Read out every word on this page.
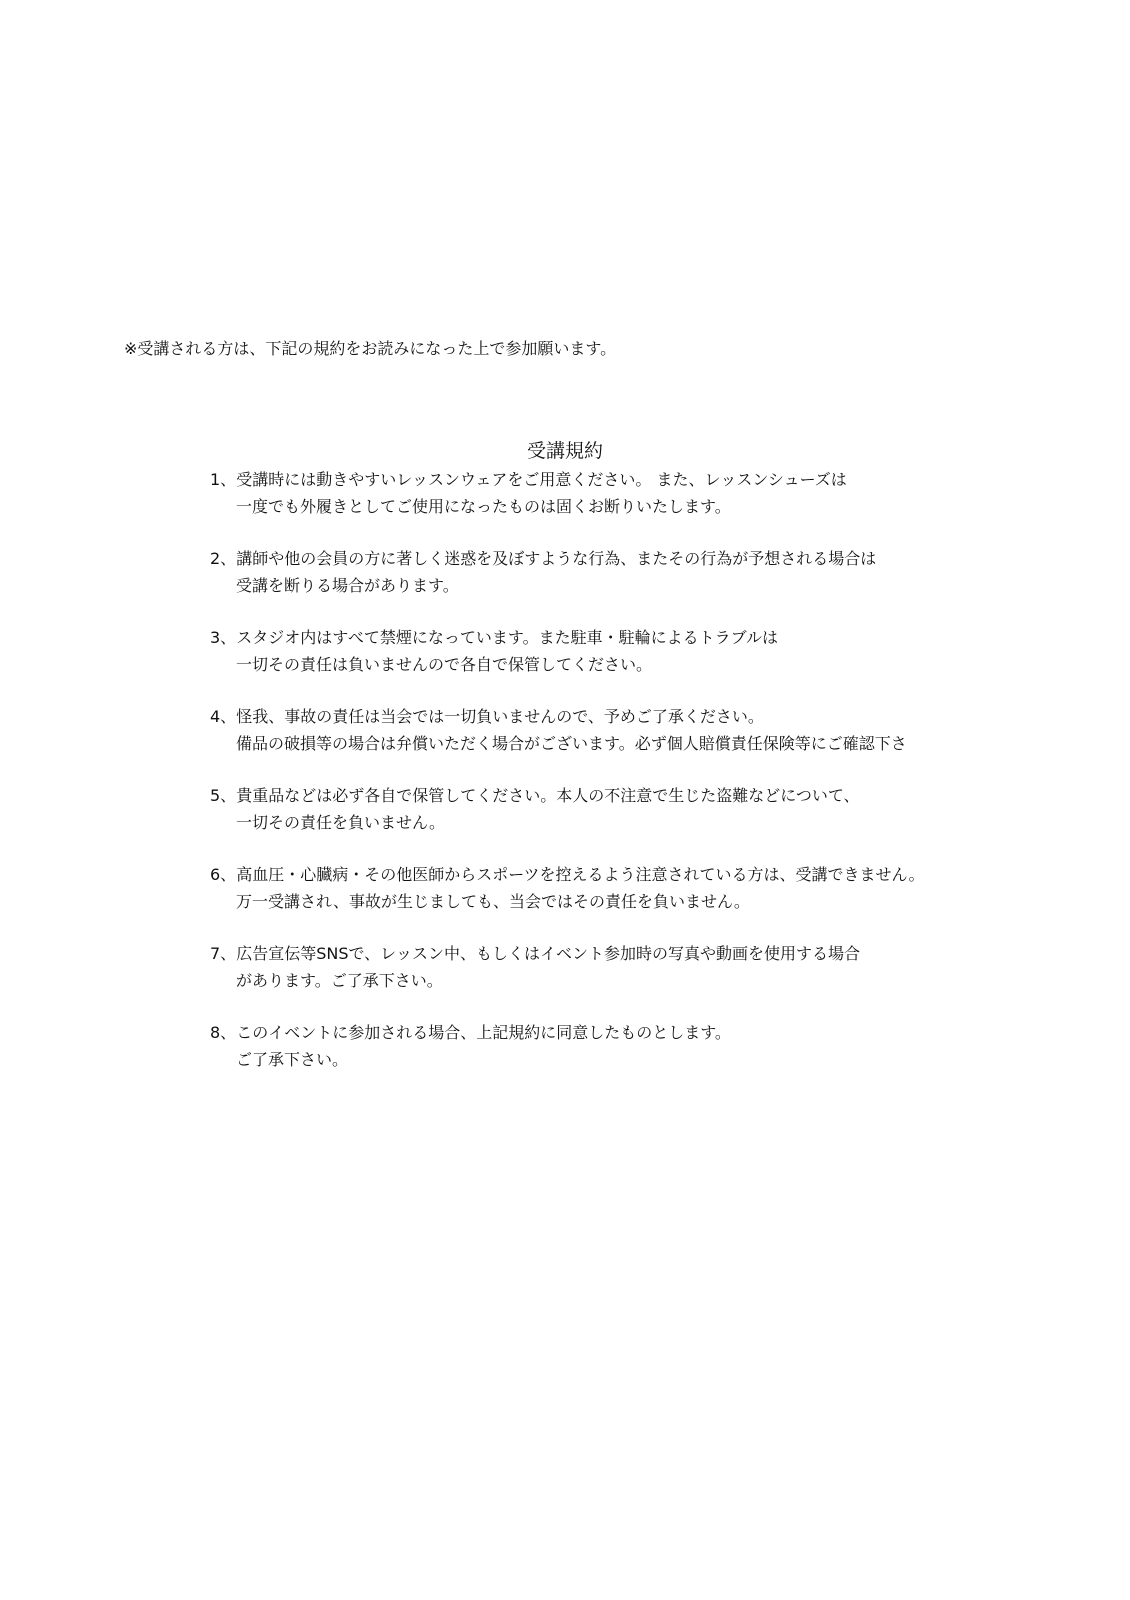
※受講される方は、下記の規約をお読みになった上で参加願います。
受講規約
1、受講時には動きやすいレッスンウェアをご用意ください。 また、レッスンシューズは
一度でも外履きとしてご使用になったものは固くお断りいたします。
2、講師や他の会員の方に著しく迷惑を及ぼすような行為、またその行為が予想される場合は
受講を断りる場合があります。
3、スタジオ内はすべて禁煙になっています。また駐車・駐輪によるトラブルは
一切その責任は負いませんので各自で保管してください。
4、怪我、事故の責任は当会では一切負いませんので、予めご了承ください。
備品の破損等の場合は弁償いただく場合がございます。必ず個人賠償責任保険等にご確認下さ
5、貴重品などは必ず各自で保管してください。本人の不注意で生じた盗難などについて、
一切その責任を負いません。
6、高血圧・心臓病・その他医師からスポーツを控えるよう注意されている方は、受講できません。
万一受講され、事故が生じましても、当会ではその責任を負いません。
7、広告宣伝等SNSで、レッスン中、もしくはイベント参加時の写真や動画を使用する場合
があります。ご了承下さい。
8、このイベントに参加される場合、上記規約に同意したものとします。
ご了承下さい。
